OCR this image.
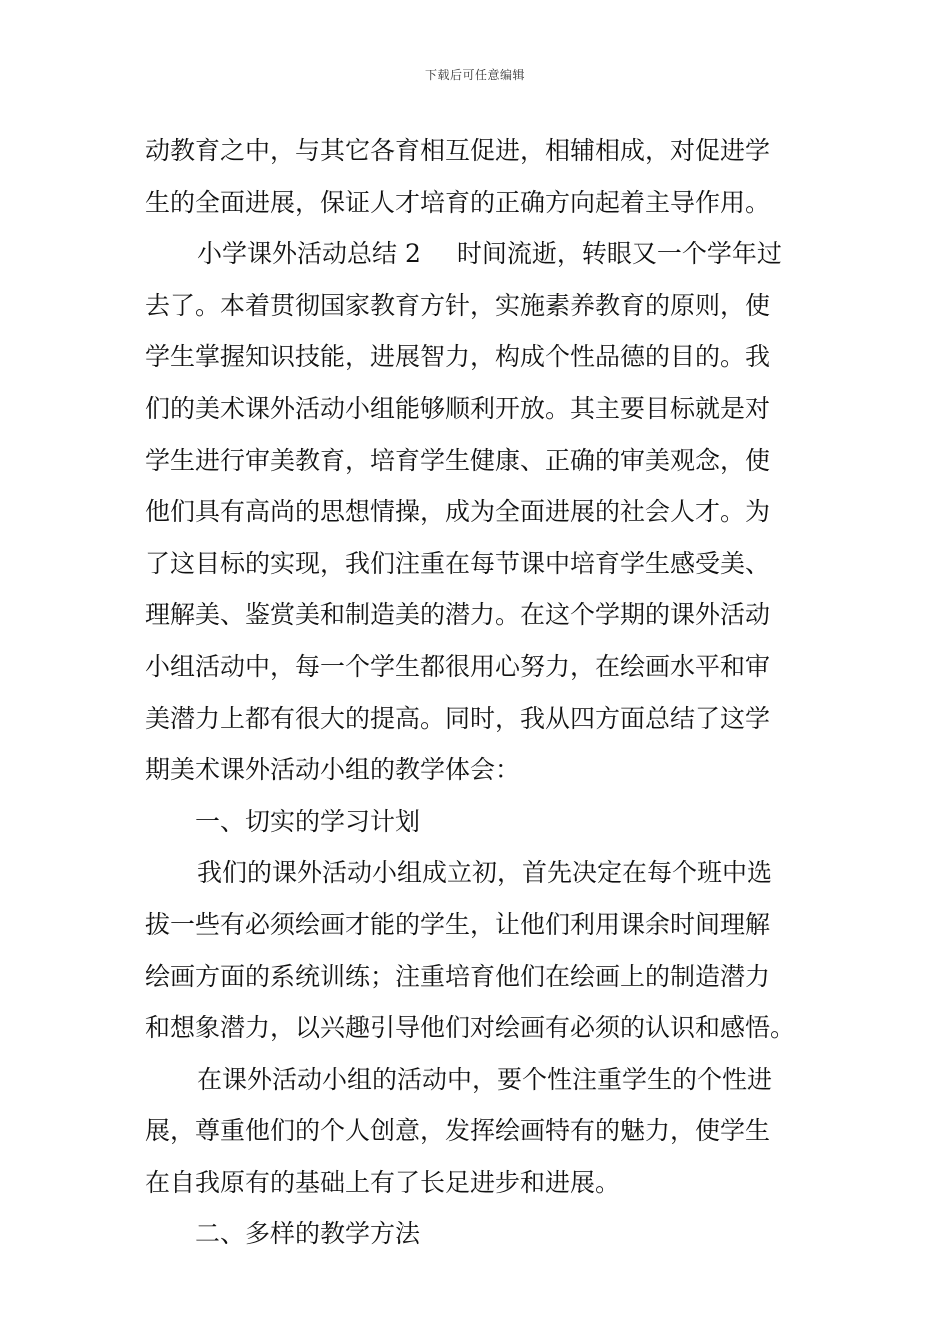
下载后可任意编辑
动教育之中，与其它各育相互促进，相辅相成，对促进学
生的全面进展，保证人才培育的正确方向起着主导作用。
小学课外活动总结 2 时间流逝，转眼又一个学年过
去了。本着贯彻国家教育方针，实施素养教育的原则，使
学生掌握知识技能，进展智力，构成个性品德的目的。我
们的美术课外活动小组能够顺利开放。其主要目标就是对
学生进行审美教育，培育学生健康、正确的审美观念，使
他们具有高尚的思想情操，成为全面进展的社会人才。为
了这目标的实现，我们注重在每节课中培育学生感受美、
理解美、鉴赏美和制造美的潜力。在这个学期的课外活动
小组活动中，每一个学生都很用心努力，在绘画水平和审
美潜力上都有很大的提高。同时，我从四方面总结了这学
期美术课外活动小组的教学体会：
一、切实的学习计划
我们的课外活动小组成立初，首先决定在每个班中选
拔一些有必须绘画才能的学生，让他们利用课余时间理解
绘画方面的系统训练；注重培育他们在绘画上的制造潜力
和想象潜力，以兴趣引导他们对绘画有必须的认识和感悟。
在课外活动小组的活动中，要个性注重学生的个性进
展，尊重他们的个人创意，发挥绘画特有的魅力，使学生
在自我原有的基础上有了长足进步和进展。
二、多样的教学方法
